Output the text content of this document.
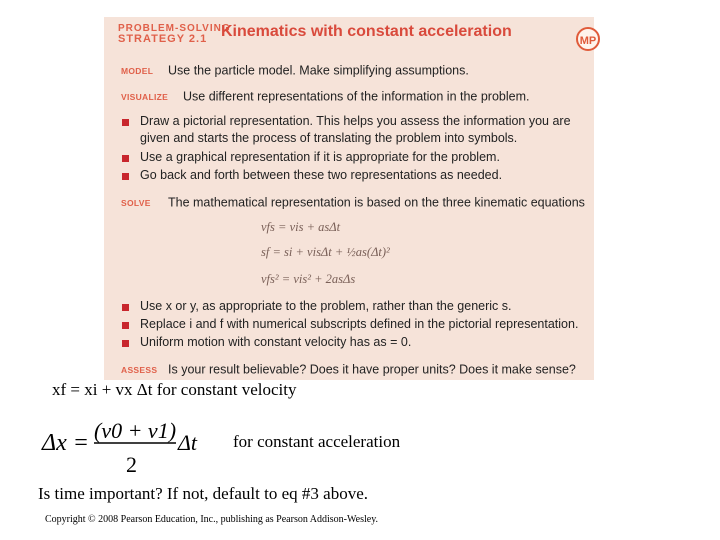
PROBLEM-SOLVING
STRATEGY 2.1 Kinematics with constant acceleration
MP
MODEL Use the particle model. Make simplifying assumptions.
VISUALIZE Use different representations of the information in the problem.
Draw a pictorial representation. This helps you assess the information you are given and starts the process of translating the problem into symbols.
Use a graphical representation if it is appropriate for the problem.
Go back and forth between these two representations as needed.
SOLVE The mathematical representation is based on the three kinematic equations
vfs = vis + asΔt
sf = si + visΔt + ½as(Δt)²
vfs² = vis² + 2asΔs
Use x or y, as appropriate to the problem, rather than the generic s.
Replace i and f with numerical subscripts defined in the pictorial representation.
Uniform motion with constant velocity has as = 0.
ASSESS Is your result believable? Does it have proper units? Does it make sense?
xf = xi + vx Δt for constant velocity
Δx = (v0 + v1)
2
Δt for constant acceleration
Is time important? If not, default to eq #3 above.
Copyright © 2008 Pearson Education, Inc., publishing as Pearson Addison-Wesley.
